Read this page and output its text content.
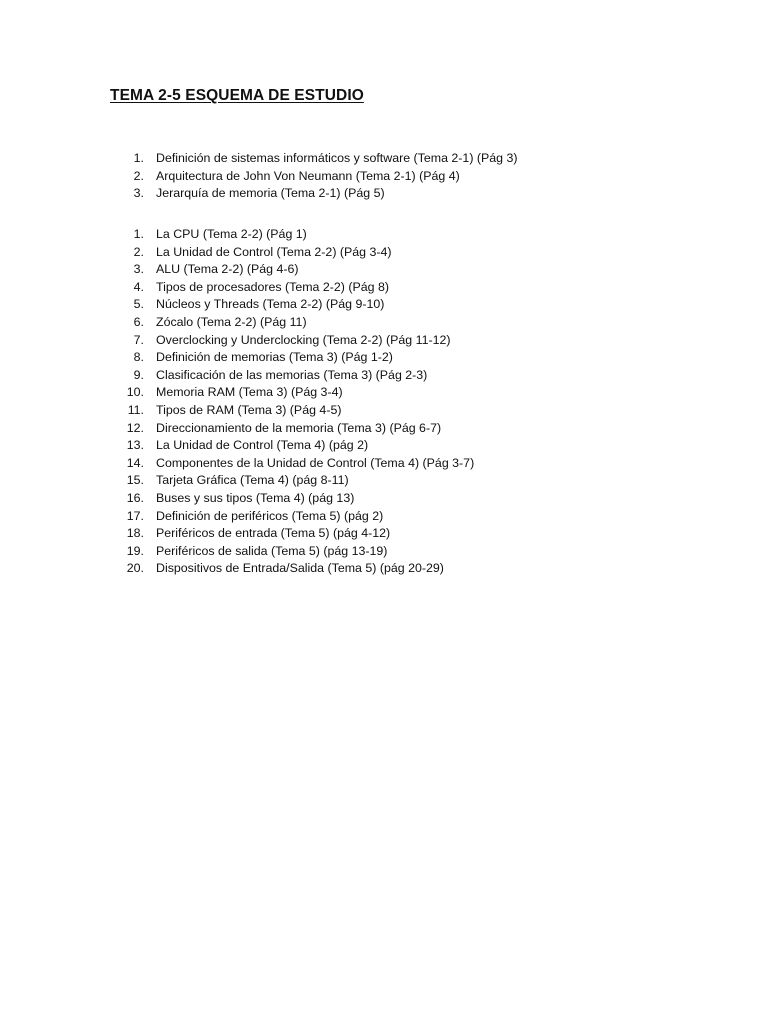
TEMA 2-5 ESQUEMA DE ESTUDIO
1. Definición de sistemas informáticos y software (Tema 2-1) (Pág 3)
2. Arquitectura de John Von Neumann (Tema 2-1) (Pág 4)
3. Jerarquía de memoria (Tema 2-1) (Pág 5)
1. La CPU (Tema 2-2) (Pág 1)
2. La Unidad de Control (Tema 2-2) (Pág 3-4)
3. ALU (Tema 2-2) (Pág 4-6)
4. Tipos de procesadores (Tema 2-2) (Pág 8)
5. Núcleos y Threads (Tema 2-2) (Pág 9-10)
6. Zócalo (Tema 2-2) (Pág 11)
7. Overclocking y Underclocking (Tema 2-2) (Pág 11-12)
8. Definición de memorias (Tema 3) (Pág 1-2)
9. Clasificación de las memorias (Tema 3) (Pág 2-3)
10. Memoria RAM (Tema 3) (Pág 3-4)
11. Tipos de RAM (Tema 3) (Pág 4-5)
12. Direccionamiento de la memoria (Tema 3) (Pág 6-7)
13. La Unidad de Control (Tema 4) (pág 2)
14. Componentes de la Unidad de Control (Tema 4) (Pág 3-7)
15. Tarjeta Gráfica (Tema 4) (pág 8-11)
16. Buses y sus tipos (Tema 4) (pág 13)
17. Definición de periféricos (Tema 5) (pág 2)
18. Periféricos de entrada (Tema 5) (pág 4-12)
19. Periféricos de salida (Tema 5) (pág 13-19)
20. Dispositivos de Entrada/Salida (Tema 5) (pág 20-29)
